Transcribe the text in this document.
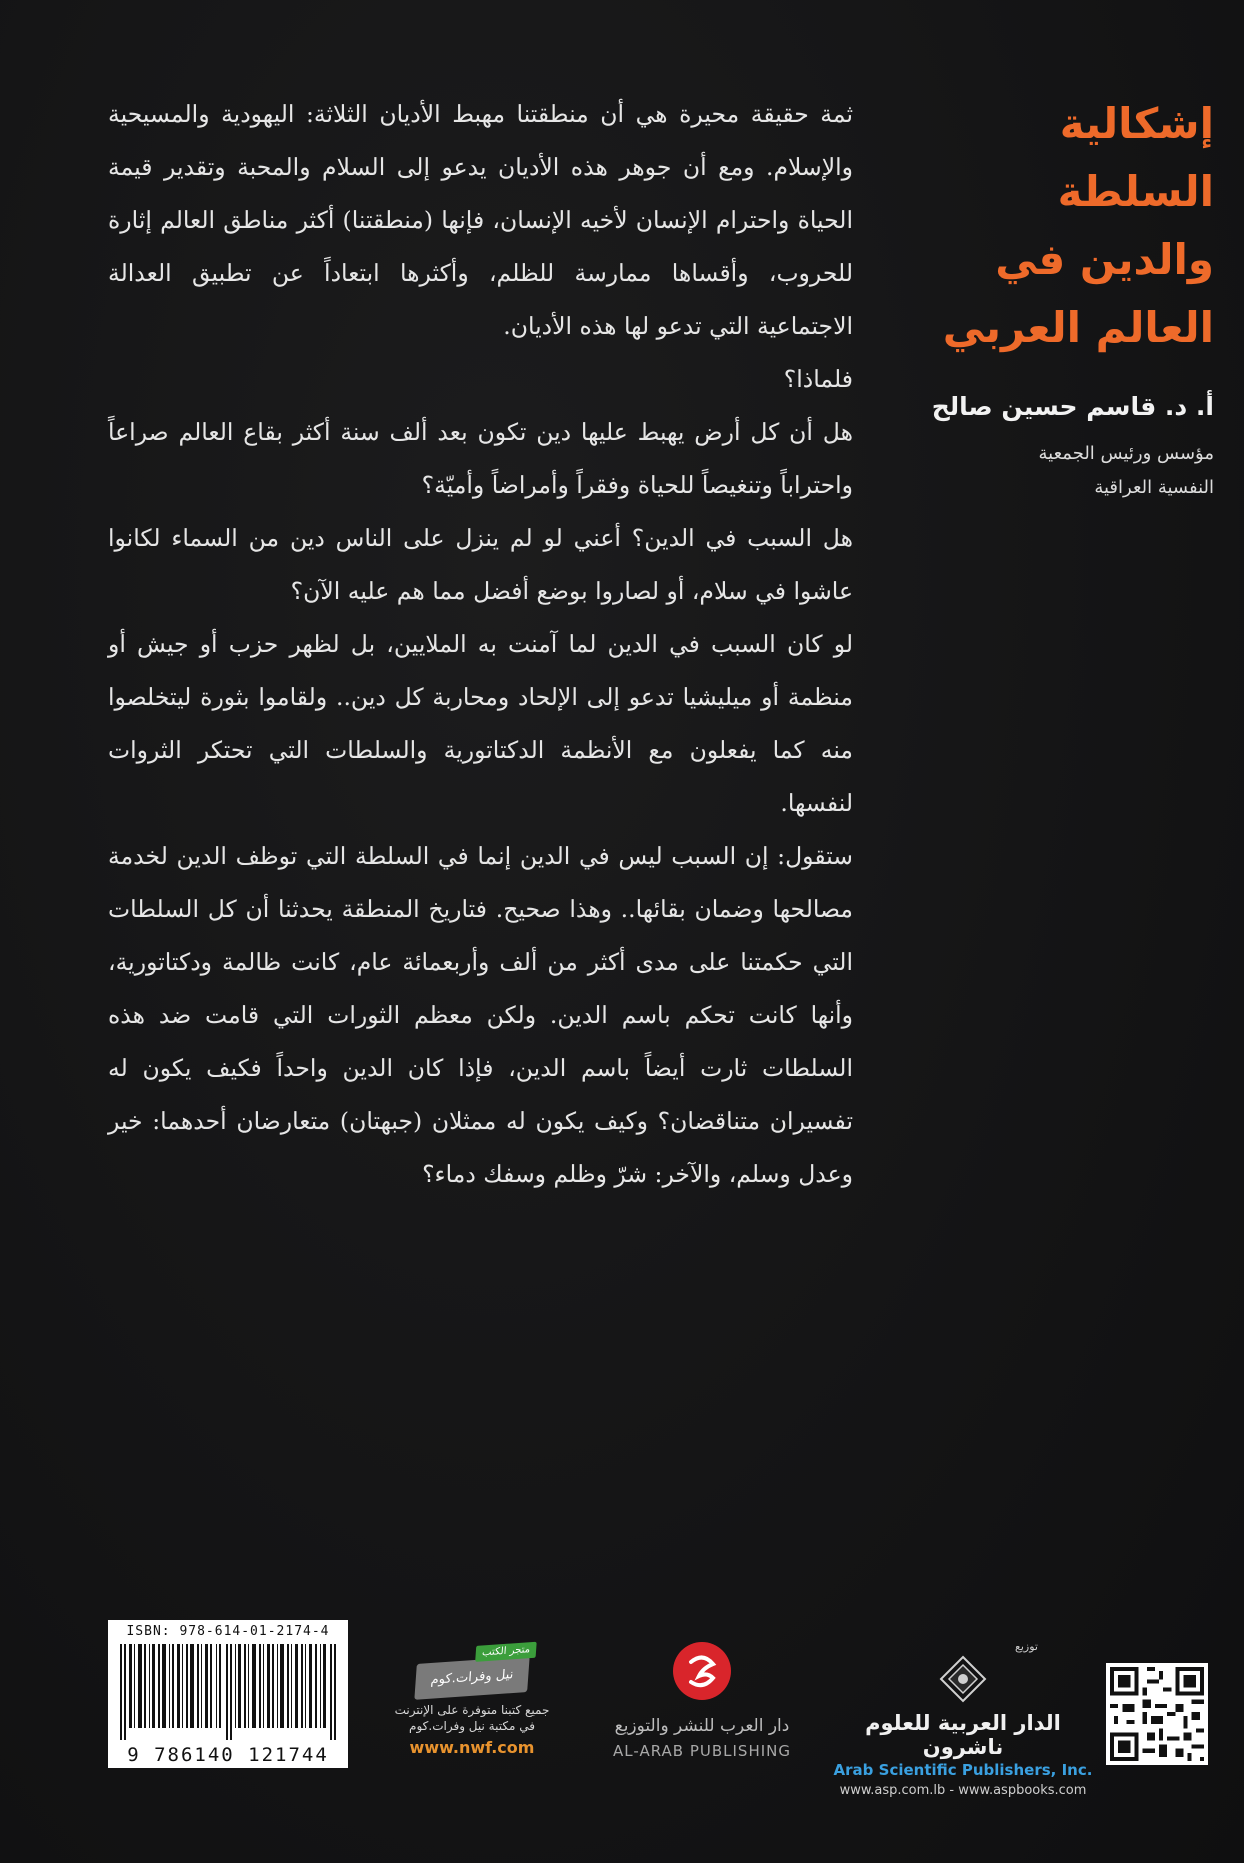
إشكالية السلطة
والدين في
العالم العربي
أ. د. قاسم حسين صالح
مؤسس ورئيس الجمعية
النفسية العراقية

ثمة حقيقة محيرة هي أن منطقتنا مهبط الأديان الثلاثة: اليهودية والمسيحية والإسلام. ومع أن جوهر هذه الأديان يدعو إلى السلام والمحبة وتقدير قيمة الحياة واحترام الإنسان لأخيه الإنسان، فإنها (منطقتنا) أكثر مناطق العالم إثارة للحروب، وأقساها ممارسة للظلم، وأكثرها ابتعاداً عن تطبيق العدالة الاجتماعية التي تدعو لها هذه الأديان.

فلماذا؟

هل أن كل أرض يهبط عليها دين تكون بعد ألف سنة أكثر بقاع العالم صراعاً واحتراباً وتنغيصاً للحياة وفقراً وأمراضاً وأميّة؟

هل السبب في الدين؟ أعني لو لم ينزل على الناس دين من السماء لكانوا عاشوا في سلام، أو لصاروا بوضع أفضل مما هم عليه الآن؟

لو كان السبب في الدين لما آمنت به الملايين، بل لظهر حزب أو جيش أو منظمة أو ميليشيا تدعو إلى الإلحاد ومحاربة كل دين.. ولقاموا بثورة ليتخلصوا منه كما يفعلون مع الأنظمة الدكتاتورية والسلطات التي تحتكر الثروات لنفسها.

ستقول: إن السبب ليس في الدين إنما في السلطة التي توظف الدين لخدمة مصالحها وضمان بقائها.. وهذا صحيح. فتاريخ المنطقة يحدثنا أن كل السلطات التي حكمتنا على مدى أكثر من ألف وأربعمائة عام، كانت ظالمة ودكتاتورية، وأنها كانت تحكم باسم الدين. ولكن معظم الثورات التي قامت ضد هذه السلطات ثارت أيضاً باسم الدين، فإذا كان الدين واحداً فكيف يكون له تفسيران متناقضان؟ وكيف يكون له ممثلان (جبهتان) متعارضان أحدهما: خير وعدل وسلم، والآخر: شرّ وظلم وسفك دماء؟

ISBN: 978-614-01-2174-4
9 786140 121744
متجر الكتب
نيل وفرات.كوم
جميع كتبنا متوفرة على الإنترنت
في مكتبة نيل وفرات.كوم
www.nwf.com
دار العرب للنشر والتوزيع
AL-ARAB PUBLISHING
توزيع
الدار العربية للعلوم ناشرون
Arab Scientific Publishers, Inc.
www.asp.com.lb - www.aspbooks.com
